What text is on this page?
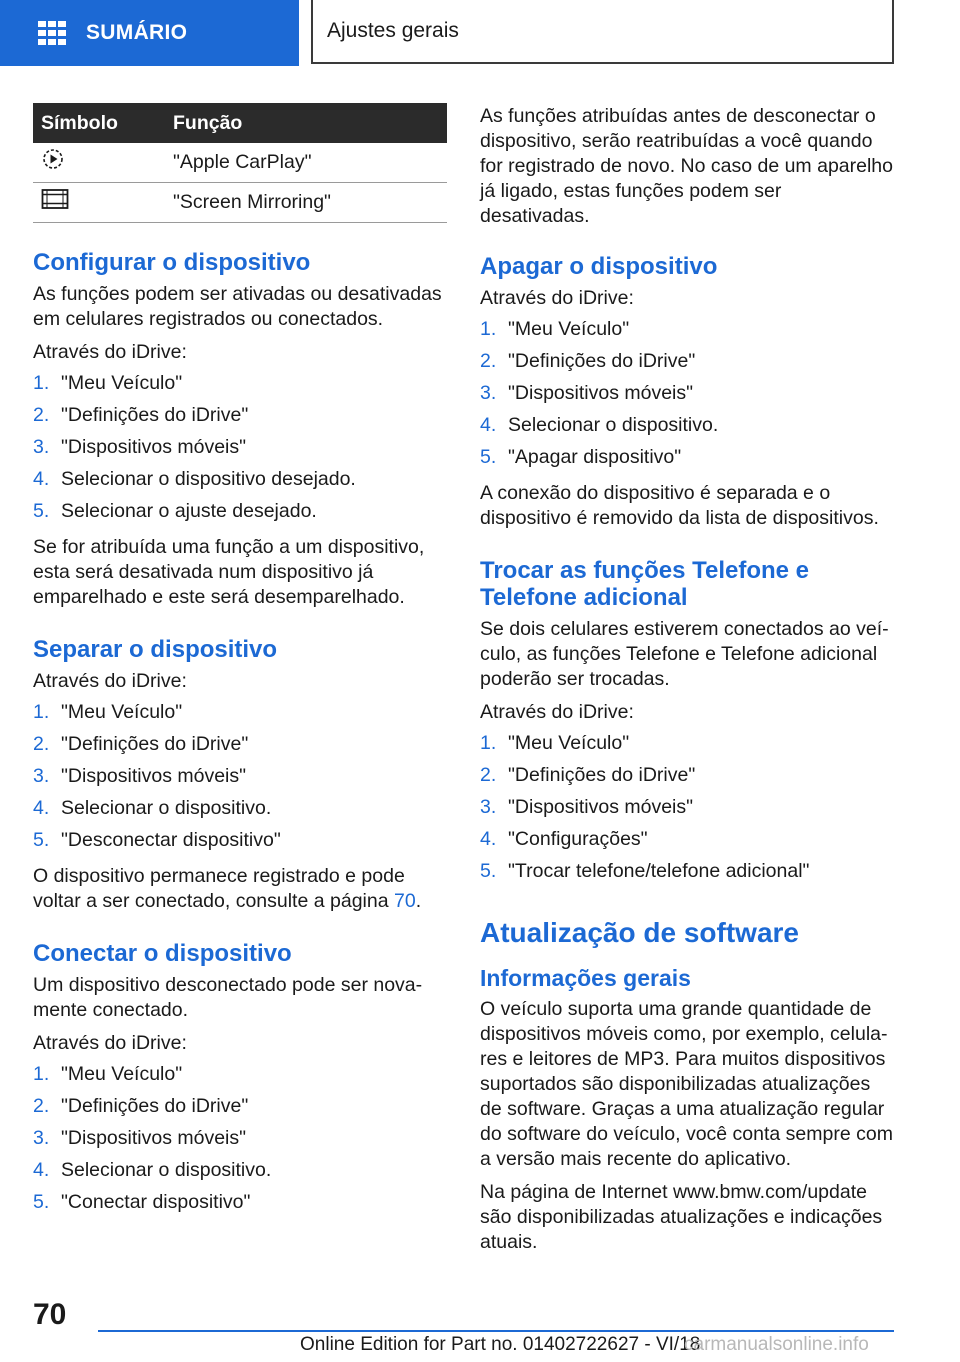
SUMÁRIO	Ajustes gerais
Símbolo	Função
	"Apple CarPlay"
	"Screen Mirroring"
Configurar o dispositivo

As funções podem ser ativadas ou desativadas em celulares registrados ou conectados.

Através do iDrive:

1. "Meu Veículo"
2. "Definições do iDrive"
3. "Dispositivos móveis"
4. Selecionar o dispositivo desejado.
5. Selecionar o ajuste desejado.

Se for atribuída uma função a um dispositivo, esta será desativada num dispositivo já emparelhado e este será desemparelhado.

Separar o dispositivo

Através do iDrive:

1. "Meu Veículo"
2. "Definições do iDrive"
3. "Dispositivos móveis"
4. Selecionar o dispositivo.
5. "Desconectar dispositivo"

O dispositivo permanece registrado e pode voltar a ser conectado, consulte a página 70.

Conectar o dispositivo

Um dispositivo desconectado pode ser novamente conectado.

Através do iDrive:

1. "Meu Veículo"
2. "Definições do iDrive"
3. "Dispositivos móveis"
4. Selecionar o dispositivo.
5. "Conectar dispositivo"

As funções atribuídas antes de desconectar o dispositivo, serão reatribuídas a você quando for registrado de novo. No caso de um aparelho já ligado, estas funções podem ser desativadas.

Apagar o dispositivo

Através do iDrive:

1. "Meu Veículo"
2. "Definições do iDrive"
3. "Dispositivos móveis"
4. Selecionar o dispositivo.
5. "Apagar dispositivo"

A conexão do dispositivo é separada e o dispositivo é removido da lista de dispositivos.

Trocar as funções Telefone e Telefone adicional

Se dois celulares estiverem conectados ao veículo, as funções Telefone e Telefone adicional poderão ser trocadas.

Através do iDrive:

1. "Meu Veículo"
2. "Definições do iDrive"
3. "Dispositivos móveis"
4. "Configurações"
5. "Trocar telefone/telefone adicional"
Atualização de software
Informações gerais

O veículo suporta uma grande quantidade de dispositivos móveis como, por exemplo, celulares e leitores de MP3. Para muitos dispositivos suportados são disponibilizadas atualizações de software. Graças a uma atualização regular do software do veículo, você conta sempre com a versão mais recente do aplicativo.

Na página de Internet www.bmw.com/update são disponibilizadas atualizações e indicações atuais.

70
Online Edition for Part no. 01402722627 - VI/18
carmanualsonline.info
